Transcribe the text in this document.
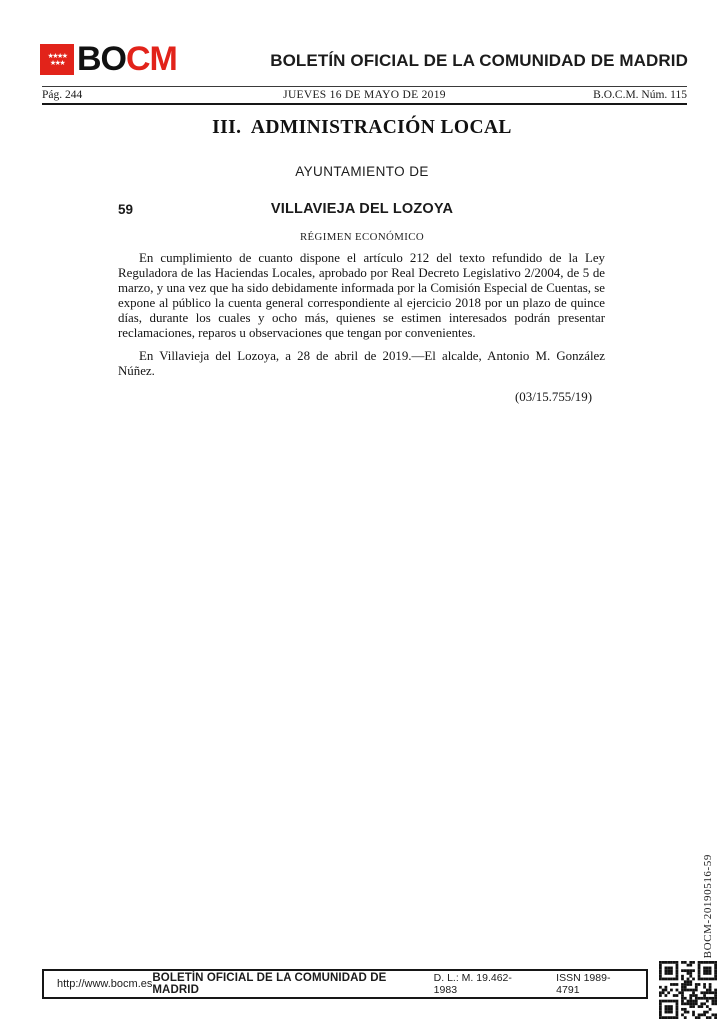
★★★★
★★★ BO CM	BOLETÍN OFICIAL DE LA COMUNIDAD DE MADRID
Pág. 244	JUEVES 16 DE MAYO DE 2019	B.O.C.M. Núm. 115
III.  ADMINISTRACIÓN LOCAL
AYUNTAMIENTO DE
59	VILLAVIEJA DEL LOZOYA
RÉGIMEN ECONÓMICO

En cumplimiento de cuanto dispone el artículo 212 del texto refundido de la Ley Reguladora de las Haciendas Locales, aprobado por Real Decreto Legislativo 2/2004, de 5 de marzo, y una vez que ha sido debidamente informada por la Comisión Especial de Cuentas, se expone al público la cuenta general correspondiente al ejercicio 2018 por un plazo de quince días, durante los cuales y ocho más, quienes se estimen interesados podrán presentar reclamaciones, reparos u observaciones que tengan por convenientes.

En Villavieja del Lozoya, a 28 de abril de 2019.—El alcalde, Antonio M. González Núñez.

(03/15.755/19)
BOCM-20190516-59
http://www.bocm.es BOLETÍN OFICIAL DE LA COMUNIDAD DE MADRID
D. L.: M. 19.462-1983
ISSN 1989-4791
